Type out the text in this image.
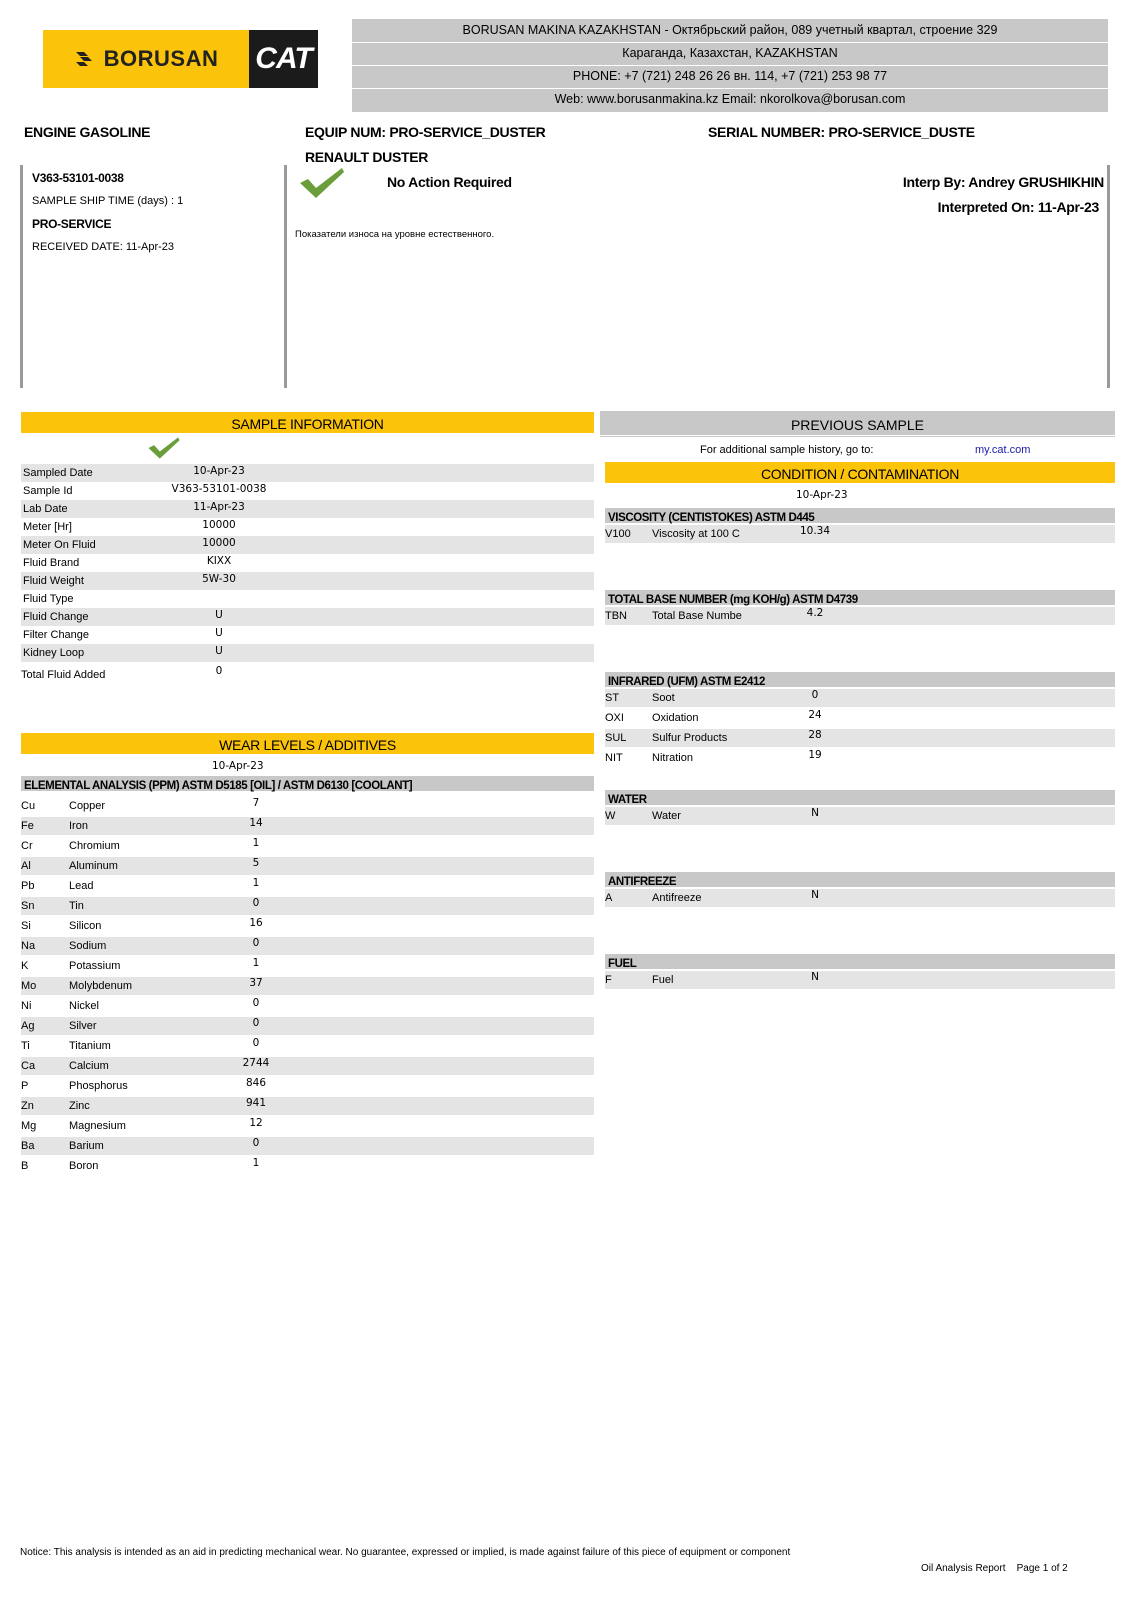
BORUSAN CAT
BORUSAN MAKINA KAZAKHSTAN - Октябрьский район, 089 учетный квартал, строение 329
Караганда, Казахстан, KAZAKHSTAN
PHONE: +7 (721) 248 26 26 вн. 114, +7 (721) 253 98 77
Web: www.borusanmakina.kz Email: nkorolkova@borusan.com
ENGINE GASOLINE	EQUIP NUM: PRO-SERVICE_DUSTER
RENAULT DUSTER
SERIAL NUMBER: PRO-SERVICE_DUSTE
V363-53101-0038
SAMPLE SHIP TIME (days) : 1
PRO-SERVICE
RECEIVED DATE: 11-Apr-23
No Action Required
Показатели износа на уровне естественного.
Interp By: Andrey GRUSHIKHIN
Interpreted On: 11-Apr-23
SAMPLE INFORMATION
Sampled Date	10-Apr-23
Sample Id	V363-53101-0038
Lab Date	11-Apr-23
Meter [Hr]	10000
Meter On Fluid	10000
Fluid Brand	KIXX
Fluid Weight	5W-30
Fluid Type
Fluid Change	U
Filter Change	U
Kidney Loop	U
Total Fluid Added	0
WEAR LEVELS / ADDITIVES
10-Apr-23
ELEMENTAL ANALYSIS (PPM) ASTM D5185 [OIL] / ASTM D6130 [COOLANT]
Cu	Copper	7
Fe	Iron	14
Cr	Chromium	1
Al	Aluminum	5
Pb	Lead	1
Sn	Tin	0
Si	Silicon	16
Na	Sodium	0
K	Potassium	1
Mo	Molybdenum	37
Ni	Nickel	0
Ag	Silver	0
Ti	Titanium	0
Ca	Calcium	2744
P	Phosphorus	846
Zn	Zinc	941
Mg	Magnesium	12
Ba	Barium	0
B	Boron	1
PREVIOUS SAMPLE
For additional sample history, go to:	my.cat.com
CONDITION / CONTAMINATION
10-Apr-23
VISCOSITY (CENTISTOKES) ASTM D445
V100 Viscosity at 100 C	10.34
TOTAL BASE NUMBER (mg KOH/g) ASTM D4739
TBN Total Base Numbe	4.2
INFRARED (UFM) ASTM E2412
ST	Soot	0
OXI	Oxidation	24
SUL Sulfur Products	28
NIT	Nitration	19
WATER
W	Water	N
ANTIFREEZE
A	Antifreeze	N
FUEL
F	Fuel	N
Notice: This analysis is intended as an aid in predicting mechanical wear. No guarantee, expressed or implied, is made against failure of this piece of equipment or component
Oil Analysis Report    Page 1 of 2
